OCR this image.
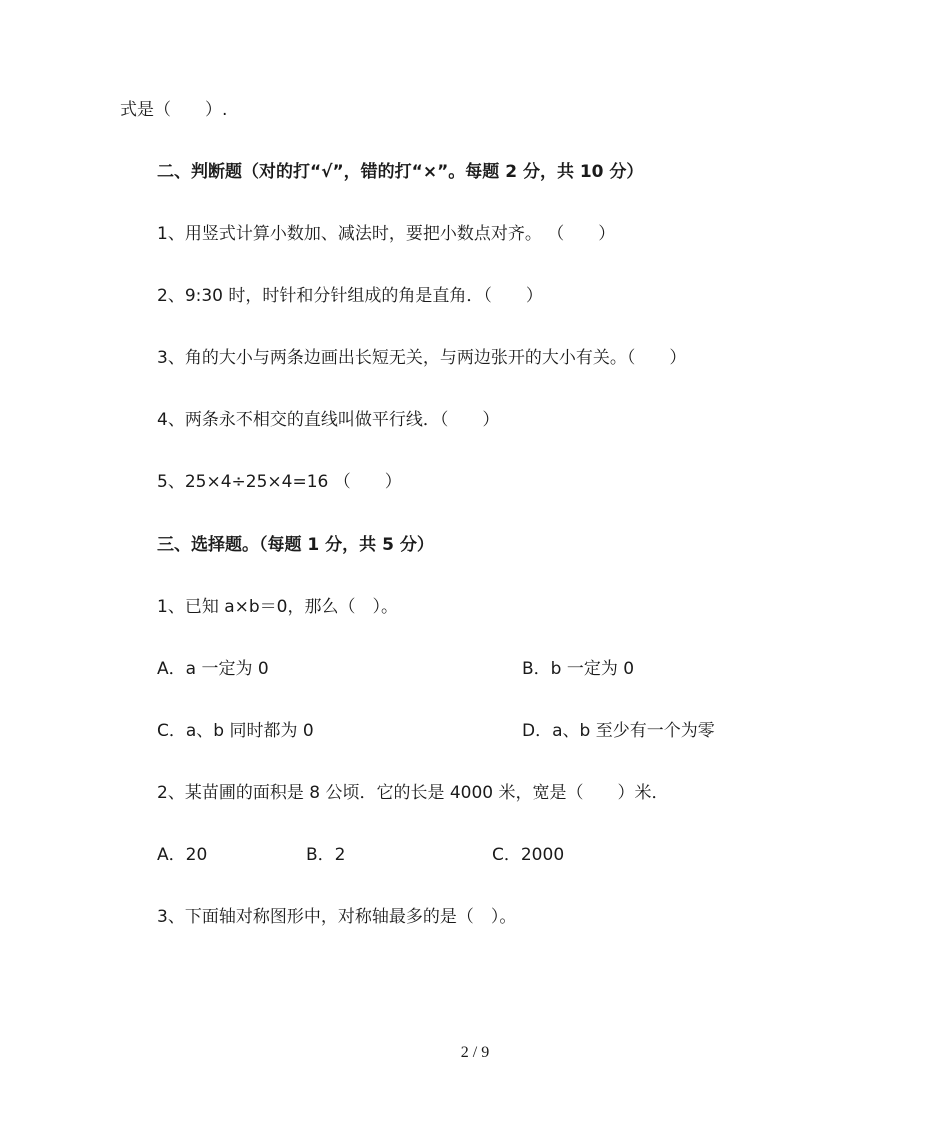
式是（　　）.
二、判断题（对的打“√”，错的打“×”。每题 2 分，共 10 分）
1、用竖式计算小数加、减法时，要把小数点对齐。 （　　）
2、9:30 时，时针和分针组成的角是直角．（　　）
3、角的大小与两条边画出长短无关，与两边张开的大小有关。（　　）
4、两条永不相交的直线叫做平行线．（　　）
5、25×4÷25×4=16 （　　）
三、选择题。（每题 1 分，共 5 分）
1、已知 a×b＝0，那么（　）。
A．a 一定为 0	B．b 一定为 0
C．a、b 同时都为 0	D．a、b 至少有一个为零
2、某苗圃的面积是 8 公顷．它的长是 4000 米，宽是（　　）米．
A．20	B．2	C．2000
3、下面轴对称图形中，对称轴最多的是（　）。
2 / 9
